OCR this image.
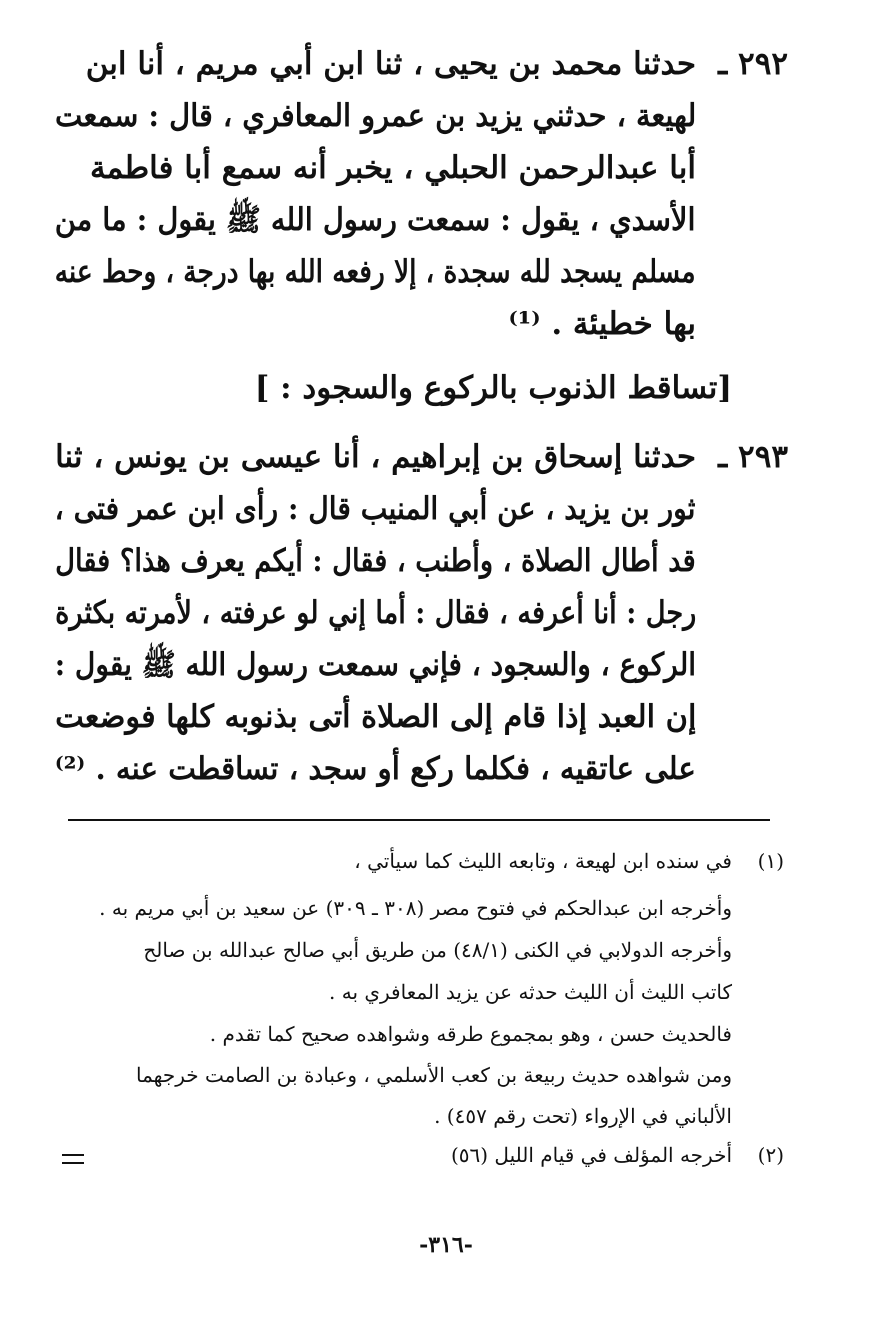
٢٩٢ ـ
حدثنا محمد بن يحيى ، ثنا ابن أبي مريم ، أنا ابن
لهيعة ، حدثني يزيد بن عمرو المعافري ، قال : سمعت
أبا عبدالرحمن الحبلي ، يخبر أنه سمع أبا فاطمة
الأسدي ، يقول : سمعت رسول الله ﷺ يقول : ما من
مسلم يسجد لله سجدة ، إلا رفعه الله بها درجة ، وحط عنه
بها خطيئة . ⁽¹⁾
[تساقط الذنوب بالركوع والسجود : ]
٢٩٣ ـ
حدثنا إسحاق بن إبراهيم ، أنا عيسى بن يونس ، ثنا
ثور بن يزيد ، عن أبي المنيب قال : رأى ابن عمر فتى ،
قد أطال الصلاة ، وأطنب ، فقال : أيكم يعرف هذا؟ فقال
رجل : أنا أعرفه ، فقال : أما إني لو عرفته ، لأمرته بكثرة
الركوع ، والسجود ، فإني سمعت رسول الله ﷺ يقول :
إن العبد إذا قام إلى الصلاة أتى بذنوبه كلها فوضعت
على عاتقيه ، فكلما ركع أو سجد ، تساقطت عنه . ⁽²⁾
(١)
في سنده ابن لهيعة ، وتابعه الليث كما سيأتي ،
وأخرجه ابن عبدالحكم في فتوح مصر (٣٠٨ ـ ٣٠٩) عن سعيد بن أبي مريم به .
وأخرجه الدولابي في الكنى (٤٨/١) من طريق أبي صالح عبدالله بن صالح
كاتب الليث أن الليث حدثه عن يزيد المعافري به .
فالحديث حسن ، وهو بمجموع طرقه وشواهده صحيح كما تقدم .
ومن شواهده حديث ربيعة بن كعب الأسلمي ، وعبادة بن الصامت خرجهما
الألباني في الإرواء (تحت رقم ٤٥٧) .
(٢)
أخرجه المؤلف في قيام الليل (٥٦)
-٣١٦-
